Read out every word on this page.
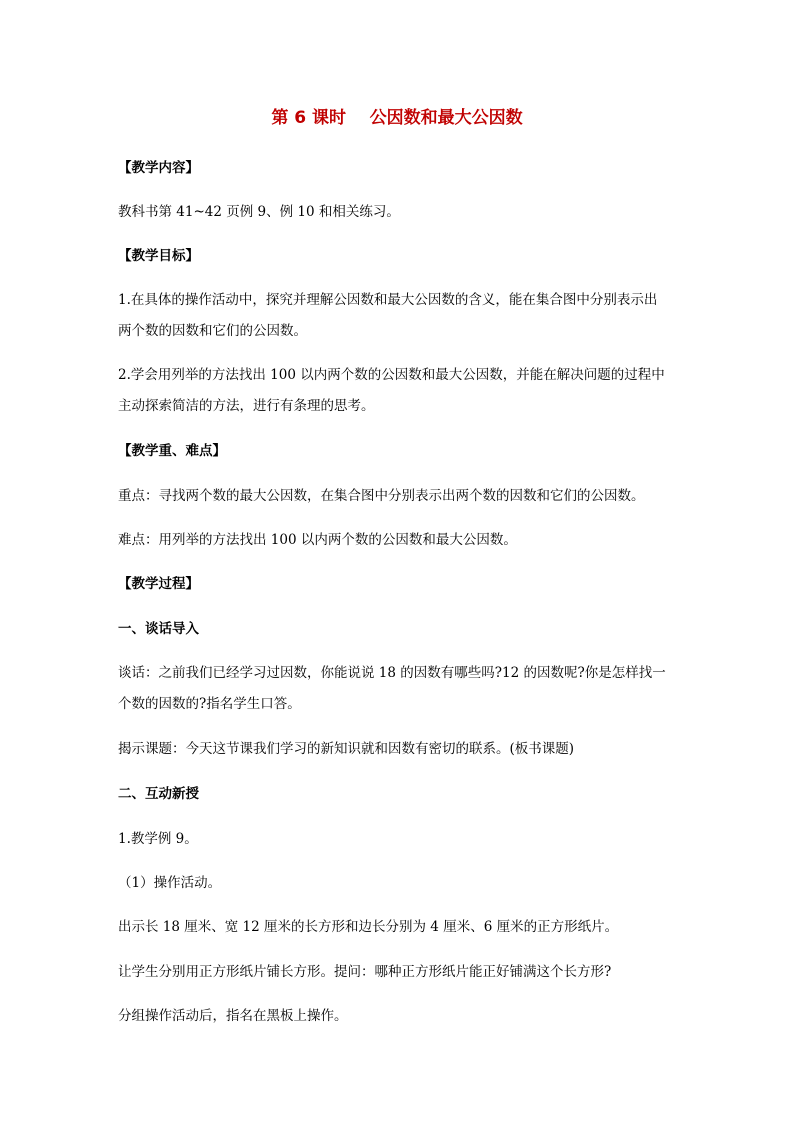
第 6 课时    公因数和最大公因数
【教学内容】
教科书第 41~42 页例 9、例 10 和相关练习。
【教学目标】
1.在具体的操作活动中，探究并理解公因数和最大公因数的含义，能在集合图中分别表示出
两个数的因数和它们的公因数。
2.学会用列举的方法找出 100 以内两个数的公因数和最大公因数，并能在解决问题的过程中
主动探索简洁的方法，进行有条理的思考。
【教学重、难点】
重点：寻找两个数的最大公因数，在集合图中分别表示出两个数的因数和它们的公因数。
难点：用列举的方法找出 100 以内两个数的公因数和最大公因数。
【教学过程】
一、谈话导入
谈话：之前我们已经学习过因数，你能说说 18 的因数有哪些吗?12 的因数呢?你是怎样找一
个数的因数的?指名学生口答。
揭示课题：今天这节课我们学习的新知识就和因数有密切的联系。(板书课题)
二、互动新授
1.教学例 9。
（1）操作活动。
出示长 18 厘米、宽 12 厘米的长方形和边长分别为 4 厘米、6 厘米的正方形纸片。
让学生分别用正方形纸片铺长方形。提问：哪种正方形纸片能正好铺满这个长方形?
分组操作活动后，指名在黑板上操作。
